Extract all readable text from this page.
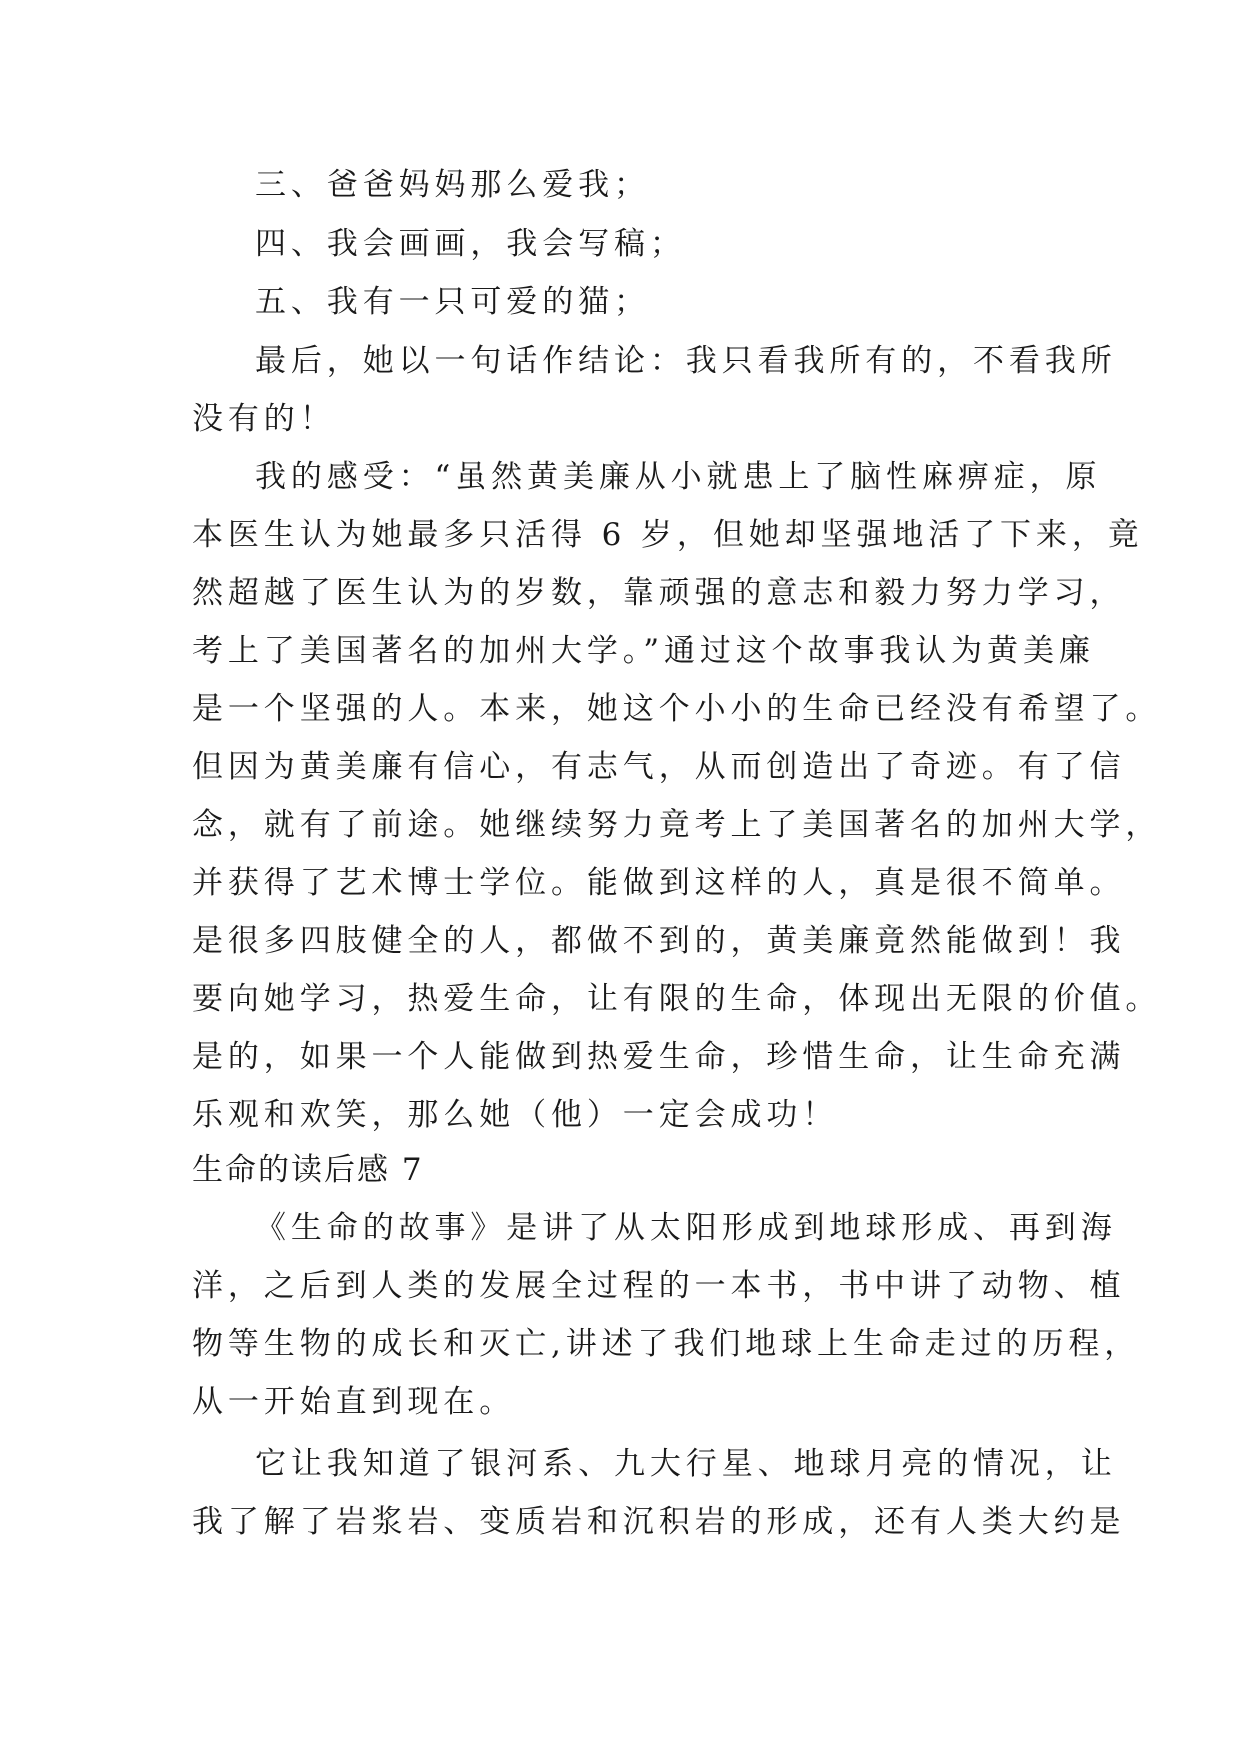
三、爸爸妈妈那么爱我；
四、我会画画，我会写稿；
五、我有一只可爱的猫；
最后，她以一句话作结论：我只看我所有的，不看我所
没有的！
我的感受：“虽然黄美廉从小就患上了脑性麻痹症，原
本医生认为她最多只活得 6 岁，但她却坚强地活了下来，竟
然超越了医生认为的岁数，靠顽强的意志和毅力努力学习，
考上了美国著名的加州大学。”通过这个故事我认为黄美廉
是一个坚强的人。本来，她这个小小的生命已经没有希望了。
但因为黄美廉有信心，有志气，从而创造出了奇迹。有了信
念，就有了前途。她继续努力竟考上了美国著名的加州大学，
并获得了艺术博士学位。能做到这样的人，真是很不简单。
是很多四肢健全的人，都做不到的，黄美廉竟然能做到！我
要向她学习，热爱生命，让有限的生命，体现出无限的价值。
是的，如果一个人能做到热爱生命，珍惜生命，让生命充满
乐观和欢笑，那么她（他）一定会成功！
生命的读后感 7
《生命的故事》是讲了从太阳形成到地球形成、再到海
洋，之后到人类的发展全过程的一本书，书中讲了动物、植
物等生物的成长和灭亡,讲述了我们地球上生命走过的历程，
从一开始直到现在。
它让我知道了银河系、九大行星、地球月亮的情况，让
我了解了岩浆岩、变质岩和沉积岩的形成，还有人类大约是
